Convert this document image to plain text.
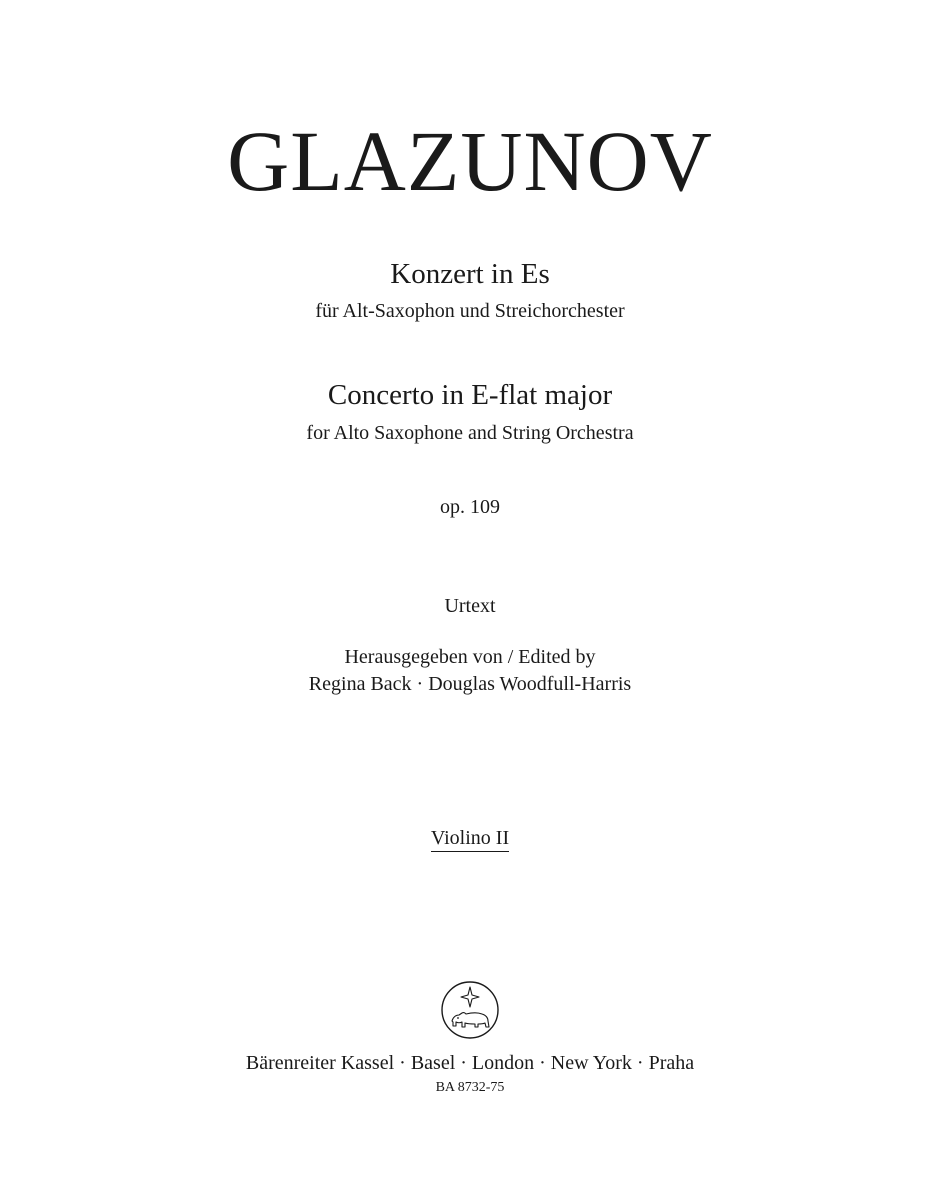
GLAZUNOV
Konzert in Es
für Alt-Saxophon und Streichorchester
Concerto in E-flat major
for Alto Saxophone and String Orchestra
op. 109
Urtext
Herausgegeben von / Edited by
Regina Back · Douglas Woodfull-Harris
Violino II
Bärenreiter Kassel · Basel · London · New York · Praha
BA 8732-75
